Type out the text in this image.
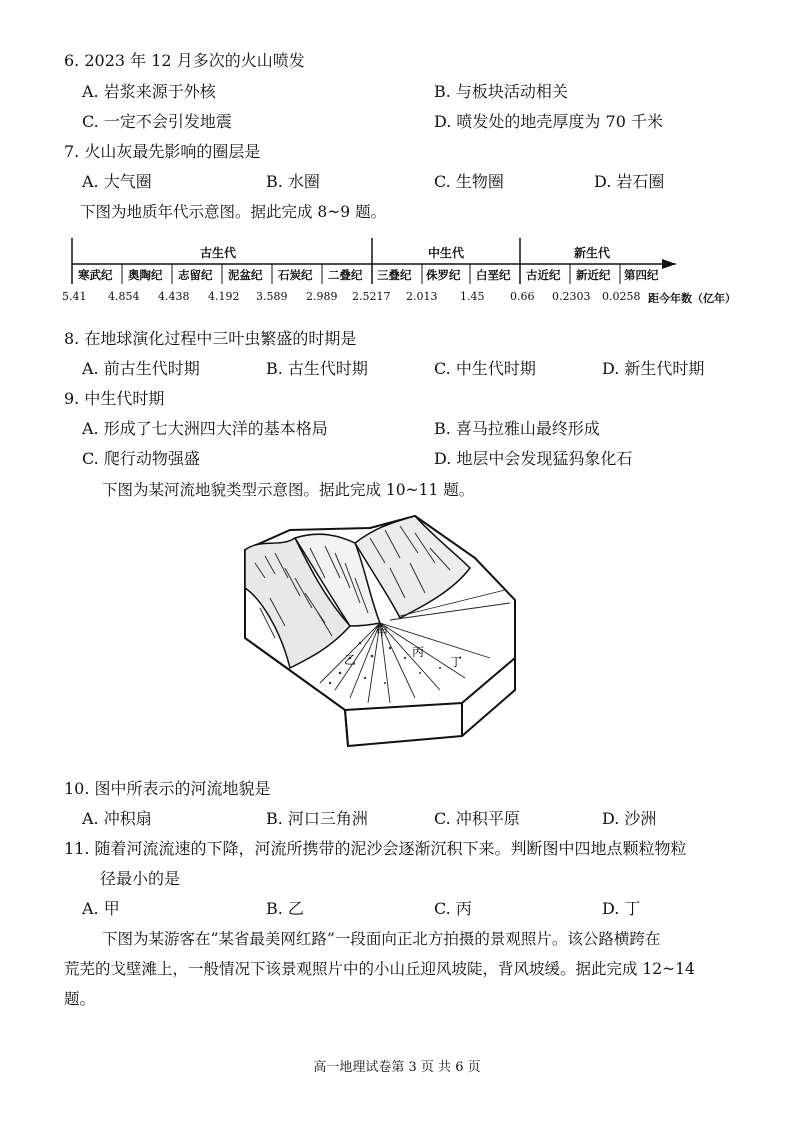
6. 2023 年 12 月多次的火山喷发
A. 岩浆来源于外核	B. 与板块活动相关
C. 一定不会引发地震	D. 喷发处的地壳厚度为 70 千米
7. 火山灰最先影响的圈层是
A. 大气圈	B. 水圈	C. 生物圈	D. 岩石圈
下图为地质年代示意图。据此完成 8~9 题。
古生代	中生代	新生代
寒武纪 奥陶纪 志留纪 泥盆纪 石炭纪 二叠纪 三叠纪 侏罗纪 白垩纪 古近纪 新近纪 第四纪
5.41 4.854 4.438 4.192 3.589 2.989 2.5217 2.013 1.45 0.66 0.2303 0.0258 距今年数（亿年）
8. 在地球演化过程中三叶虫繁盛的时期是
A. 前古生代时期	B. 古生代时期	C. 中生代时期	D. 新生代时期
9. 中生代时期
A. 形成了七大洲四大洋的基本格局	B. 喜马拉雅山最终形成
C. 爬行动物强盛	D. 地层中会发现猛犸象化石
下图为某河流地貌类型示意图。据此完成 10~11 题。
甲
乙
丙
丁
10. 图中所表示的河流地貌是
A. 冲积扇	B. 河口三角洲	C. 冲积平原	D. 沙洲
11. 随着河流流速的下降，河流所携带的泥沙会逐渐沉积下来。判断图中四地点颗粒物粒
径最小的是
A. 甲	B. 乙	C. 丙	D. 丁
下图为某游客在“某省最美网红路”一段面向正北方拍摄的景观照片。该公路横跨在
荒芜的戈壁滩上，一般情况下该景观照片中的小山丘迎风坡陡，背风坡缓。据此完成 12~14
题。
高一地理试卷第 3 页 共 6 页
